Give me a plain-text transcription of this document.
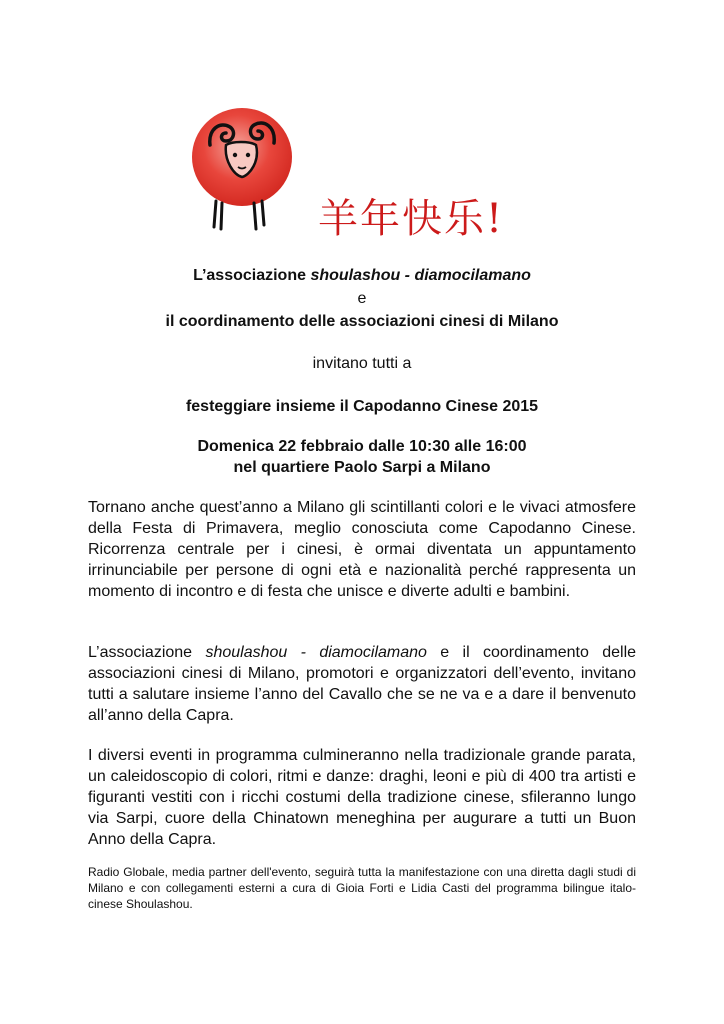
羊年快乐!
L’associazione shoulashou - diamocilamano
e
il coordinamento delle associazioni cinesi di Milano
invitano tutti a
festeggiare insieme il Capodanno Cinese 2015
Domenica 22 febbraio dalle 10:30 alle 16:00
nel quartiere Paolo Sarpi a Milano
Tornano anche quest’anno a Milano gli scintillanti colori e le vivaci atmosfere della Festa di Primavera, meglio conosciuta come Capodanno Cinese. Ricorrenza centrale per i cinesi, è ormai diventata un appuntamento irrinunciabile per persone di ogni età e nazionalità perché rappresenta un momento di incontro e di festa che unisce e diverte adulti e bambini.
L’associazione shoulashou - diamocilamano e il coordinamento delle associazioni cinesi di Milano, promotori e organizzatori dell’evento, invitano tutti a salutare insieme l’anno del Cavallo che se ne va e a dare il benvenuto all’anno della Capra.
I diversi eventi in programma culmineranno nella tradizionale grande parata, un caleidoscopio di colori, ritmi e danze: draghi, leoni e più di 400 tra artisti e figuranti vestiti con i ricchi costumi della tradizione cinese, sfileranno lungo via Sarpi, cuore della Chinatown meneghina per augurare a tutti un Buon Anno della Capra.
Radio Globale, media partner dell'evento, seguirà tutta la manifestazione con una diretta dagli studi di Milano e con collegamenti esterni a cura di Gioia Forti e Lidia Casti del programma bilingue italo-cinese Shoulashou.
